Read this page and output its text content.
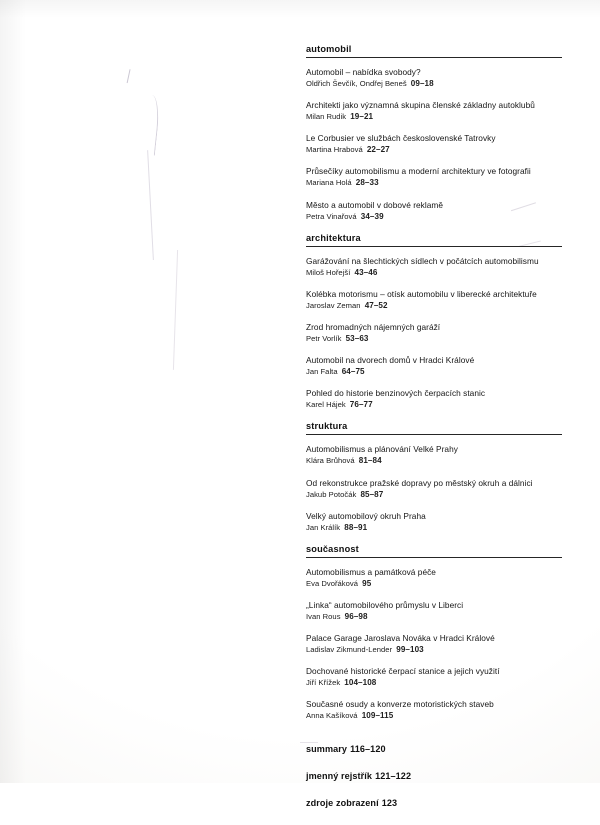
automobil
Automobil – nabídka svobody?
Oldřich Ševčík, Ondřej Beneš 09–18
Architekti jako významná skupina členské základny autoklubů
Milan Rudik 19–21
Le Corbusier ve službách československé Tatrovky
Martina Hrabová 22–27
Průsečíky automobilismu a moderní architektury ve fotografii
Mariana Holá 28–33
Město a automobil v dobové reklamě
Petra Vinařová 34–39
architektura
Garážování na šlechtických sídlech v počátcích automobilismu
Miloš Hořejší 43–46
Kolébka motorismu – otísk automobilu v liberecké architektuře
Jaroslav Zeman 47–52
Zrod hromadných nájemných garáží
Petr Vorlík 53–63
Automobil na dvorech domů v Hradci Králové
Jan Falta 64–75
Pohled do historie benzinových čerpacích stanic
Karel Hájek 76–77
struktura
Automobilismus a plánování Velké Prahy
Klára Brůhová 81–84
Od rekonstrukce pražské dopravy po městský okruh a dálnici
Jakub Potočák 85–87
Velký automobilový okruh Praha
Jan Králík 88–91
současnost
Automobilismus a památková péče
Eva Dvořáková 95
„Linka“ automobilového průmyslu v Liberci
Ivan Rous 96–98
Palace Garage Jaroslava Nováka v Hradci Králové
Ladislav Zikmund-Lender 99–103
Dochované historické čerpací stanice a jejich využití
Jiří Křížek 104–108
Současné osudy a konverze motoristických staveb
Anna Kašíková 109–115
summary 116–120
jmenný rejstřík 121–122
zdroje zobrazení 123
